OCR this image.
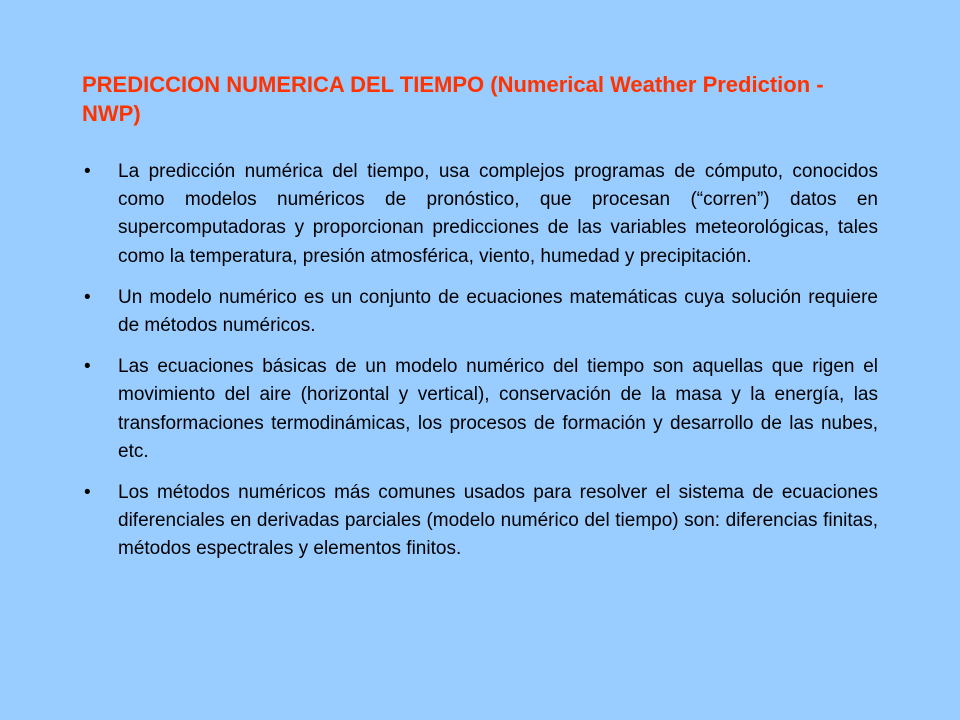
PREDICCION NUMERICA DEL TIEMPO (Numerical Weather Prediction -NWP)
•	La predicción numérica del tiempo, usa complejos programas de cómputo, conocidos como modelos numéricos de pronóstico, que procesan (“corren”) datos en supercomputadoras y proporcionan predicciones de las variables meteorológicas, tales como la temperatura, presión atmosférica, viento, humedad y precipitación.
•	Un modelo numérico es un conjunto de ecuaciones matemáticas cuya solución requiere de métodos numéricos.
•	Las ecuaciones básicas de un modelo numérico del tiempo son aquellas que rigen el movimiento del aire (horizontal y vertical), conservación de la masa y la energía, las transformaciones termodinámicas, los procesos de formación y desarrollo de las nubes, etc.
•	Los métodos numéricos más comunes usados para resolver el sistema de ecuaciones diferenciales en derivadas parciales (modelo numérico del tiempo) son: diferencias finitas, métodos espectrales y elementos finitos.
